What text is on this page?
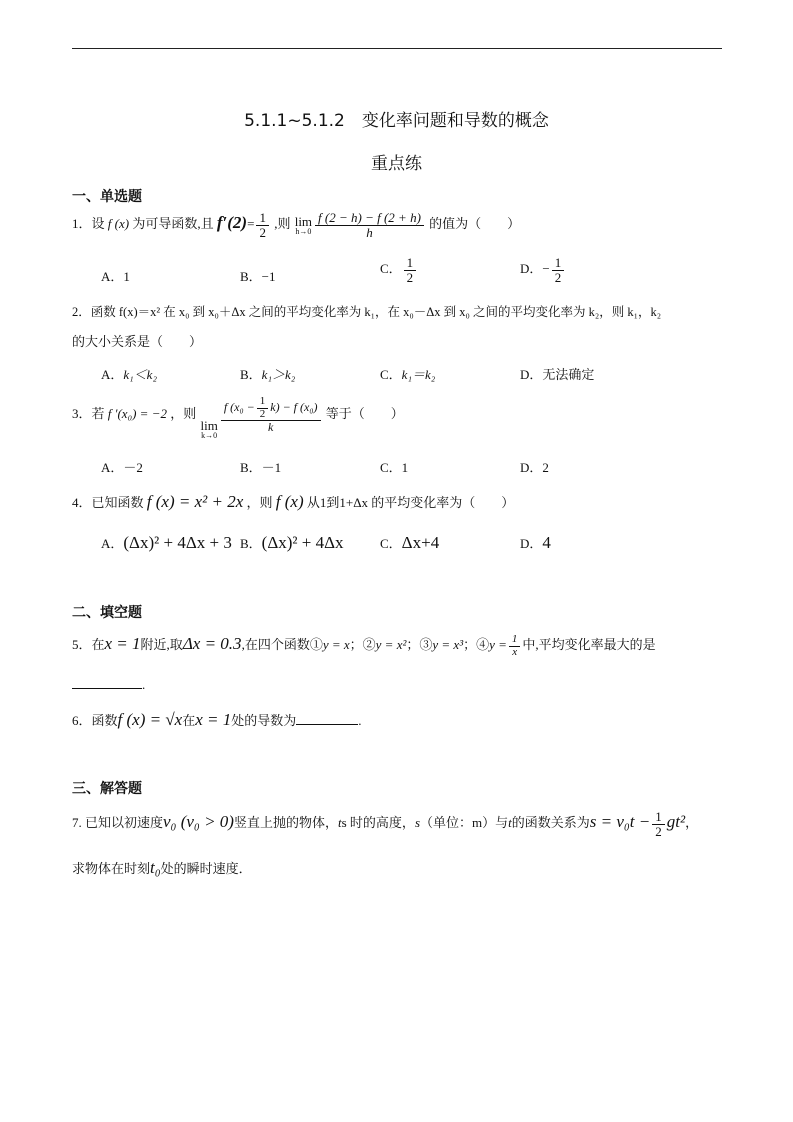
5.1.1~5.1.2　变化率问题和导数的概念
重点练
一、单选题
1．设 f (x) 为可导函数,且 $f'(2)= \frac{1}{2}$ ,则 lim
$h\to 0 \frac{f (2 - h) - f (2 + h)}{h}$ 的值为（　　）
A．1	B．−1
C． $\frac{1}{2}$	D．− $\frac{1}{2}$
2．函数 f(x)＝x² 在 x₀ 到 x₀＋Δx 之间的平均变化率为 k₁，在 x₀－Δx 到 x₀ 之间的平均变化率为 k₂，则 k₁，k₂
的大小关系是（　　）
A．k₁＜k₂	B．k₁＞k₂	C．k₁＝k₂	D．无法确定
3．若 f ′(x₀) = −2 ，则
lim
k→0
$\frac{f (x_0 - \frac{1}{2} k) - f (x_0)}{k}$ 等于（　　）
A．－2	B．－1	C．1	D．2
4．已知函数 f (x) = x² + 2x ，则 f (x) 从1到1+Δx 的平均变化率为（　　）
A．(Δx)² + 4Δx + 3 B．(Δx)² + 4Δx	C．Δx+4	D．4
二、填空题
5．在x = 1附近,取Δx = 0.3,在四个函数①y = x；②y = x²；③y = x³；④y = $\frac{1}{x}$ 中,平均变化率最大的是
.
6．函数f (x) = √x在x = 1处的导数为	.
三、解答题
7. 已知以初速度v₀ (v₀ > 0)竖直上抛的物体，ts 时的高度，s（单位：m）与t的函数关系为$s = v_0t - \frac{1}{2} gt^2$，
求物体在时刻t₀处的瞬时速度．
